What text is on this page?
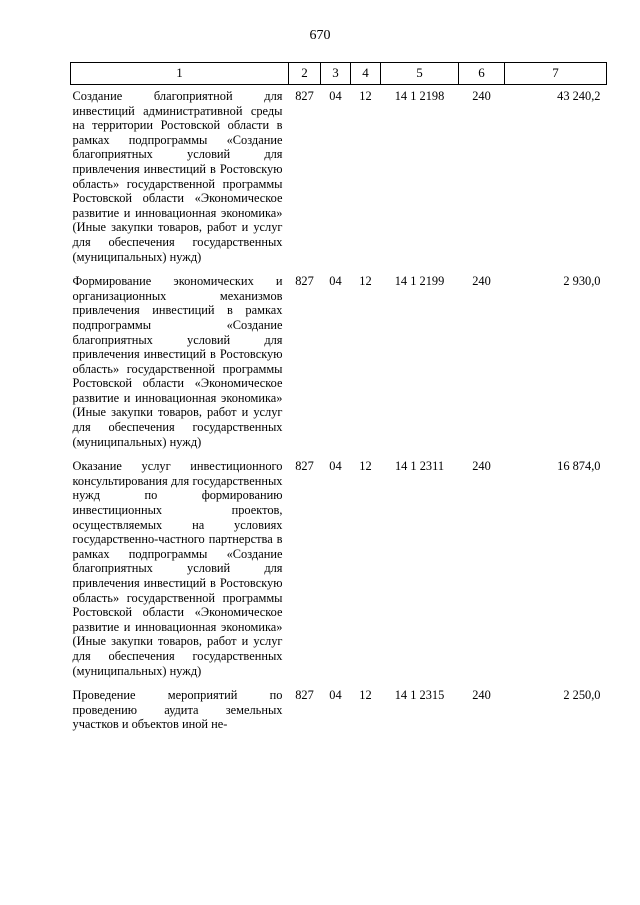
670
1	2	3	4	5	6	7
Создание благоприятной для инвестиций административной среды на территории Ростовской области в рамках подпрограммы «Создание благоприятных условий для привлечения инвестиций в Ростовскую область» государственной программы Ростовской области «Экономическое развитие и инновационная экономика» (Иные закупки товаров, работ и услуг для обеспечения государственных (муниципальных) нужд)	827	04	12	14 1 2198	240	43 240,2
Формирование экономических и организационных механизмов привлечения инвестиций в рамках подпрограммы «Создание благоприятных условий для привлечения инвестиций в Ростовскую область» государственной программы Ростовской области «Экономическое развитие и инновационная экономика» (Иные закупки товаров, работ и услуг для обеспечения государственных (муниципальных) нужд)	827	04	12	14 1 2199	240	2 930,0
Оказание услуг инвестиционного консультирования для государственных нужд по формированию инвестиционных проектов, осуществляемых на условиях государственно-частного партнерства в рамках подпрограммы «Создание благоприятных условий для привлечения инвестиций в Ростовскую область» государственной программы Ростовской области «Экономическое развитие и инновационная экономика» (Иные закупки товаров, работ и услуг для обеспечения государственных (муниципальных) нужд)	827	04	12	14 1 2311	240	16 874,0
Проведение мероприятий по проведению аудита земельных участков и объектов иной не-	827	04	12	14 1 2315	240	2 250,0
